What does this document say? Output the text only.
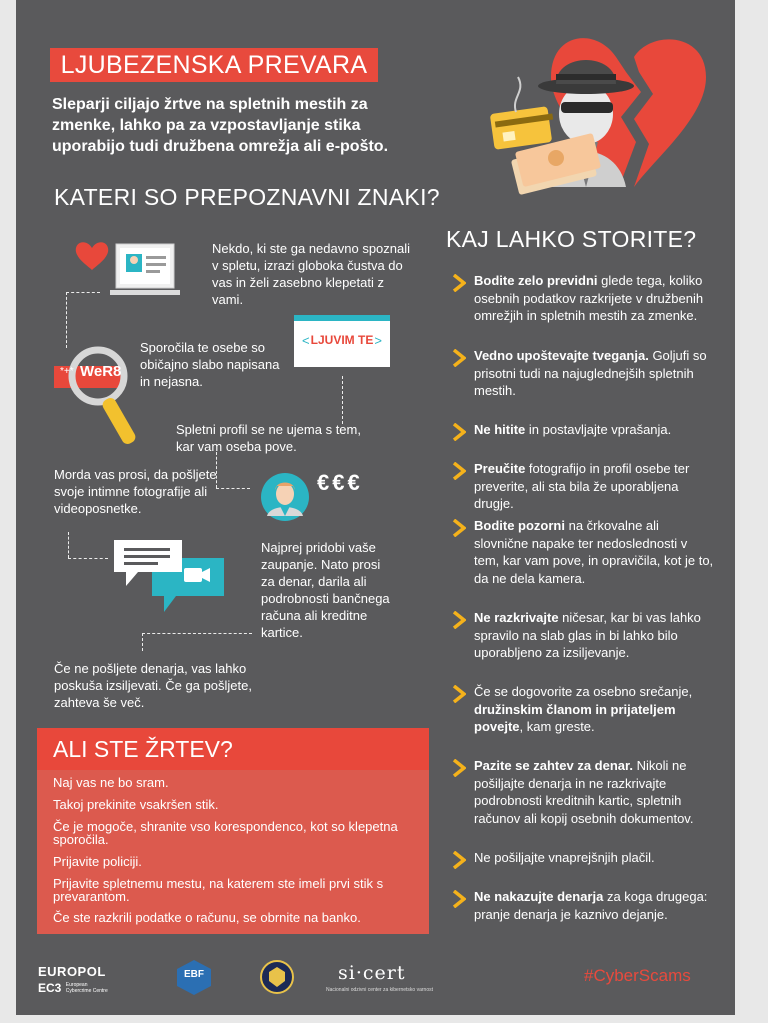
LJUBEZENSKA PREVARA
Sleparji ciljajo žrtve na spletnih mestih za zmenke, lahko pa za vzpostavljanje stika uporabijo tudi družbena omrežja ali e-pošto.
KATERI SO PREPOZNAVNI ZNAKI?
Nekdo, ki ste ga nedavno spoznali v spletu, izrazi globoka čustva do vas in želi zasebno klepetati z vami.
*+* WeR8
Sporočila te osebe so običajno slabo napisana in nejasna.
LJUVIM TE
<	>
Spletni profil se ne ujema s tem, kar vam oseba pove.
Morda vas prosi, da pošljete svoje intimne fotografije ali videoposnetke.
€€€
Najprej pridobi vaše zaupanje. Nato prosi za denar, darila ali podrobnosti bančnega računa ali kreditne kartice.
Če ne pošljete denarja, vas lahko poskuša izsiljevati. Če ga pošljete, zahteva še več.
KAJ LAHKO STORITE?
Bodite zelo previdni glede tega, koliko osebnih podatkov razkrijete v družbenih omrežjih in spletnih mestih za zmenke.
Vedno upoštevajte tveganja. Goljufi so prisotni tudi na najuglednejših spletnih mestih.
Ne hitite in postavljajte vprašanja.
Preučite fotografijo in profil osebe ter preverite, ali sta bila že uporabljena drugje.
Bodite pozorni na črkovalne ali slovnične napake ter nedoslednosti v tem, kar vam pove, in opravičila, kot je to, da ne dela kamera.
Ne razkrivajte ničesar, kar bi vas lahko spravilo na slab glas in bi lahko bilo uporabljeno za izsiljevanje.
Če se dogovorite za osebno srečanje, družinskim članom in prijateljem povejte, kam greste.
Pazite se zahtev za denar. Nikoli ne pošiljajte denarja in ne razkrivajte podrobnosti kreditnih kartic, spletnih računov ali kopij osebnih dokumentov.
Ne pošiljajte vnaprejšnjih plačil.
Ne nakazujte denarja za koga drugega: pranje denarja je kaznivo dejanje.
ALI STE ŽRTEV?
Naj vas ne bo sram.
Takoj prekinite vsakršen stik.
Če je mogoče, shranite vso korespondenco, kot so klepetna sporočila.
Prijavite policiji.
Prijavite spletnemu mestu, na katerem ste imeli prvi stik s prevarantom.
Če ste razkrili podatke o računu, se obrnite na banko.
EUROPOL
EC3 European Cybercrime Centre
EBF	si·cert
Nacionalni odzivni center za kibernetsko varnost
#CyberScams
